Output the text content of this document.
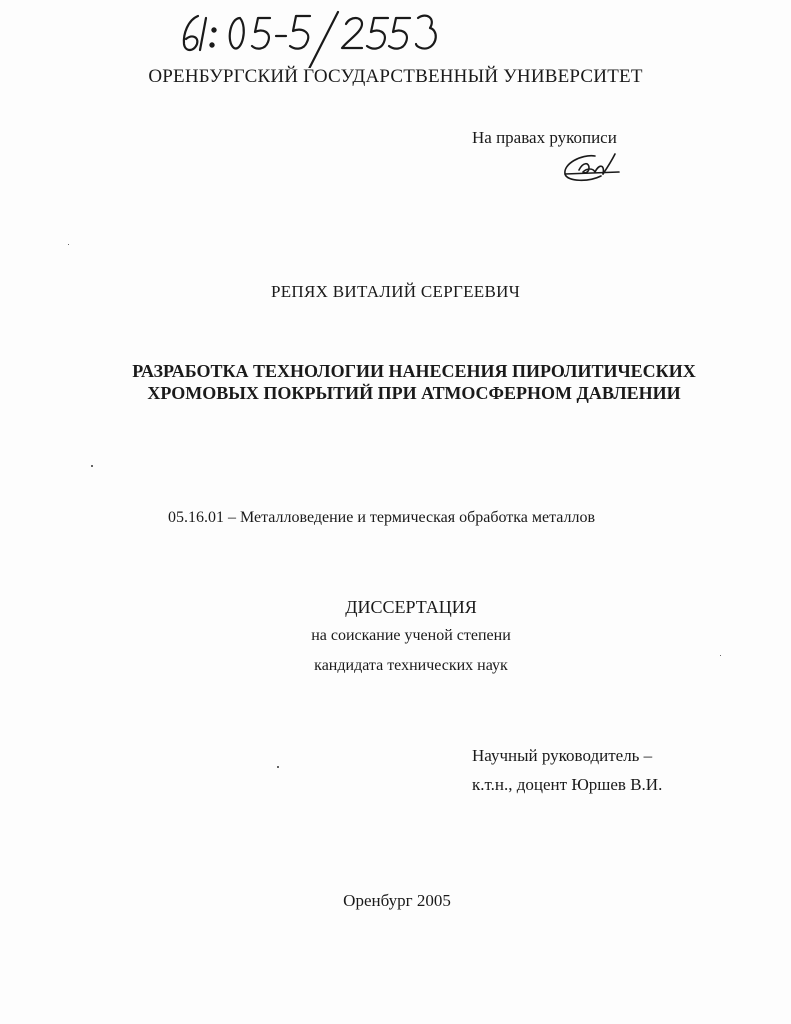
ОРЕНБУРГСКИЙ ГОСУДАРСТВЕННЫЙ УНИВЕРСИТЕТ
На правах рукописи
РЕПЯХ ВИТАЛИЙ СЕРГЕЕВИЧ
РАЗРАБОТКА ТЕХНОЛОГИИ НАНЕСЕНИЯ ПИРОЛИТИЧЕСКИХ
ХРОМОВЫХ ПОКРЫТИЙ ПРИ АТМОСФЕРНОМ ДАВЛЕНИИ
05.16.01 – Металловедение и термическая обработка металлов
ДИССЕРТАЦИЯ
на соискание ученой степени
кандидата технических наук
Научный руководитель –
к.т.н., доцент Юршев В.И.
Оренбург 2005
